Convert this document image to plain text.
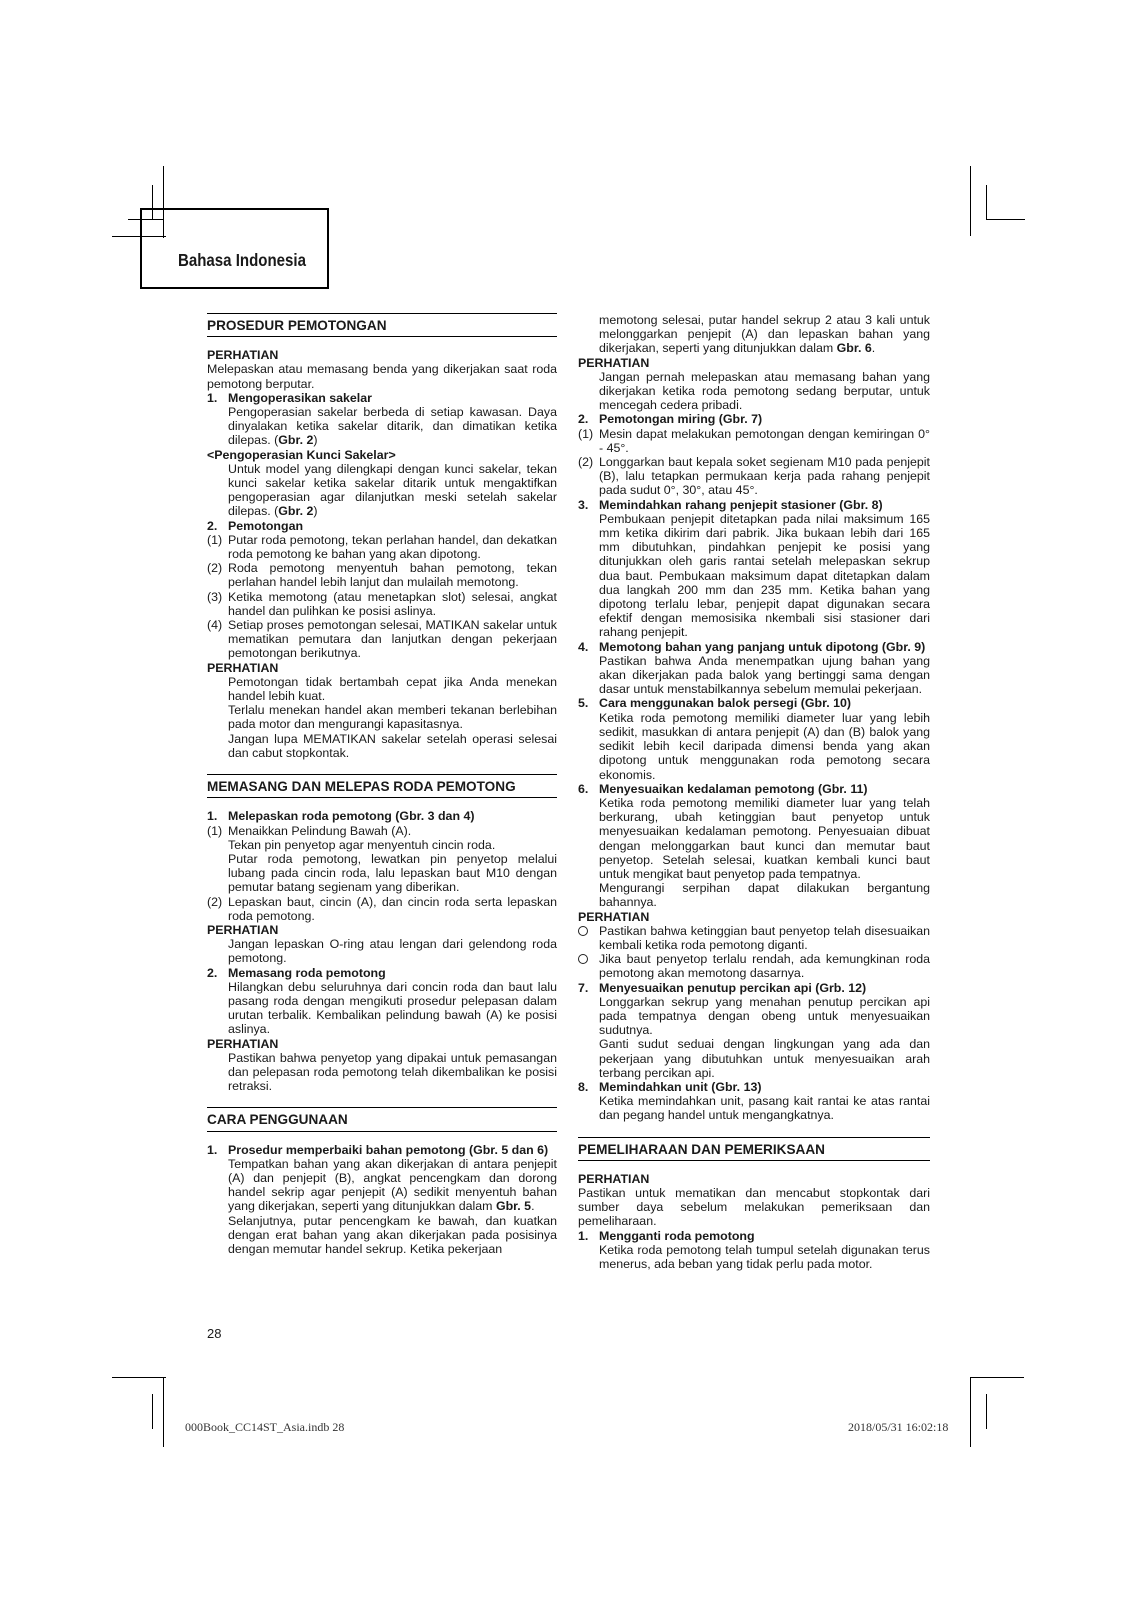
Bahasa Indonesia
PROSEDUR PEMOTONGAN
PERHATIAN

Melepaskan atau memasang benda yang dikerjakan saat roda pemotong berputar.

1. Mengoperasikan sakelar

Pengoperasian sakelar berbeda di setiap kawasan. Daya dinyalakan ketika sakelar ditarik, dan dimatikan ketika dilepas. (Gbr. 2)

<Pengoperasian Kunci Sakelar>

Untuk model yang dilengkapi dengan kunci sakelar, tekan kunci sakelar ketika sakelar ditarik untuk mengaktifkan pengoperasian agar dilanjutkan meski setelah sakelar dilepas. (Gbr. 2)

2. Pemotongan
(1) Putar roda pemotong, tekan perlahan handel, dan dekatkan roda pemotong ke bahan yang akan dipotong.
(2) Roda pemotong menyentuh bahan pemotong, tekan perlahan handel lebih lanjut dan mulailah memotong.
(3) Ketika memotong (atau menetapkan slot) selesai, angkat handel dan pulihkan ke posisi aslinya.
(4) Setiap proses pemotongan selesai, MATIKAN sakelar untuk mematikan pemutara dan lanjutkan dengan pekerjaan pemotongan berikutnya.
PERHATIAN

Pemotongan tidak bertambah cepat jika Anda menekan handel lebih kuat.

Terlalu menekan handel akan memberi tekanan berlebihan pada motor dan mengurangi kapasitasnya.

Jangan lupa MEMATIKAN sakelar setelah operasi selesai dan cabut stopkontak.

MEMASANG DAN MELEPAS RODA PEMOTONG
1. Melepaskan roda pemotong (Gbr. 3 dan 4)
(1) Menaikkan Pelindung Bawah (A).

Tekan pin penyetop agar menyentuh cincin roda.

Putar roda pemotong, lewatkan pin penyetop melalui lubang pada cincin roda, lalu lepaskan baut M10 dengan pemutar batang segienam yang diberikan.

(2) Lepaskan baut, cincin (A), dan cincin roda serta lepaskan roda pemotong.
PERHATIAN

Jangan lepaskan O-ring atau lengan dari gelendong roda pemotong.

2. Memasang roda pemotong

Hilangkan debu seluruhnya dari concin roda dan baut lalu pasang roda dengan mengikuti prosedur pelepasan dalam urutan terbalik. Kembalikan pelindung bawah (A) ke posisi aslinya.

PERHATIAN

Pastikan bahwa penyetop yang dipakai untuk pemasangan dan pelepasan roda pemotong telah dikembalikan ke posisi retraksi.

CARA PENGGUNAAN
1. Prosedur memperbaiki bahan pemotong (Gbr. 5 dan 6)

Tempatkan bahan yang akan dikerjakan di antara penjepit (A) dan penjepit (B), angkat pencengkam dan dorong handel sekrip agar penjepit (A) sedikit menyentuh bahan yang dikerjakan, seperti yang ditunjukkan dalam Gbr. 5.

Selanjutnya, putar pencengkam ke bawah, dan kuatkan dengan erat bahan yang akan dikerjakan pada posisinya dengan memutar handel sekrup. Ketika pekerjaan

memotong selesai, putar handel sekrup 2 atau 3 kali untuk melonggarkan penjepit (A) dan lepaskan bahan yang dikerjakan, seperti yang ditunjukkan dalam Gbr. 6.

PERHATIAN

Jangan pernah melepaskan atau memasang bahan yang dikerjakan ketika roda pemotong sedang berputar, untuk mencegah cedera pribadi.

2. Pemotongan miring (Gbr. 7)
(1) Mesin dapat melakukan pemotongan dengan kemiringan 0° - 45°.
(2) Longgarkan baut kepala soket segienam M10 pada penjepit (B), lalu tetapkan permukaan kerja pada rahang penjepit pada sudut 0°, 30°, atau 45°.
3. Memindahkan rahang penjepit stasioner (Gbr. 8)

Pembukaan penjepit ditetapkan pada nilai maksimum 165 mm ketika dikirim dari pabrik. Jika bukaan lebih dari 165 mm dibutuhkan, pindahkan penjepit ke posisi yang ditunjukkan oleh garis rantai setelah melepaskan sekrup dua baut. Pembukaan maksimum dapat ditetapkan dalam dua langkah 200 mm dan 235 mm. Ketika bahan yang dipotong terlalu lebar, penjepit dapat digunakan secara efektif dengan memosisika nkembali sisi stasioner dari rahang penjepit.

4. Memotong bahan yang panjang untuk dipotong (Gbr. 9)

Pastikan bahwa Anda menempatkan ujung bahan yang akan dikerjakan pada balok yang bertinggi sama dengan dasar untuk menstabilkannya sebelum memulai pekerjaan.

5. Cara menggunakan balok persegi (Gbr. 10)

Ketika roda pemotong memiliki diameter luar yang lebih sedikit, masukkan di antara penjepit (A) dan (B) balok yang sedikit lebih kecil daripada dimensi benda yang akan dipotong untuk menggunakan roda pemotong secara ekonomis.

6. Menyesuaikan kedalaman pemotong (Gbr. 11)

Ketika roda pemotong memiliki diameter luar yang telah berkurang, ubah ketinggian baut penyetop untuk menyesuaikan kedalaman pemotong. Penyesuaian dibuat dengan melonggarkan baut kunci dan memutar baut penyetop. Setelah selesai, kuatkan kembali kunci baut untuk mengikat baut penyetop pada tempatnya.

Mengurangi serpihan dapat dilakukan bergantung bahannya.

PERHATIAN
Pastikan bahwa ketinggian baut penyetop telah disesuaikan kembali ketika roda pemotong diganti.
Jika baut penyetop terlalu rendah, ada kemungkinan roda pemotong akan memotong dasarnya.
7. Menyesuaikan penutup percikan api (Grb. 12)

Longgarkan sekrup yang menahan penutup percikan api pada tempatnya dengan obeng untuk menyesuaikan sudutnya.

Ganti sudut seduai dengan lingkungan yang ada dan pekerjaan yang dibutuhkan untuk menyesuaikan arah terbang percikan api.

8. Memindahkan unit (Gbr. 13)

Ketika memindahkan unit, pasang kait rantai ke atas rantai dan pegang handel untuk mengangkatnya.

PEMELIHARAAN DAN PEMERIKSAAN
PERHATIAN

Pastikan untuk mematikan dan mencabut stopkontak dari sumber daya sebelum melakukan pemeriksaan dan pemeliharaan.

1. Mengganti roda pemotong

Ketika roda pemotong telah tumpul setelah digunakan terus menerus, ada beban yang tidak perlu pada motor.

28
000Book_CC14ST_Asia.indb 28	2018/05/31 16:02:18
